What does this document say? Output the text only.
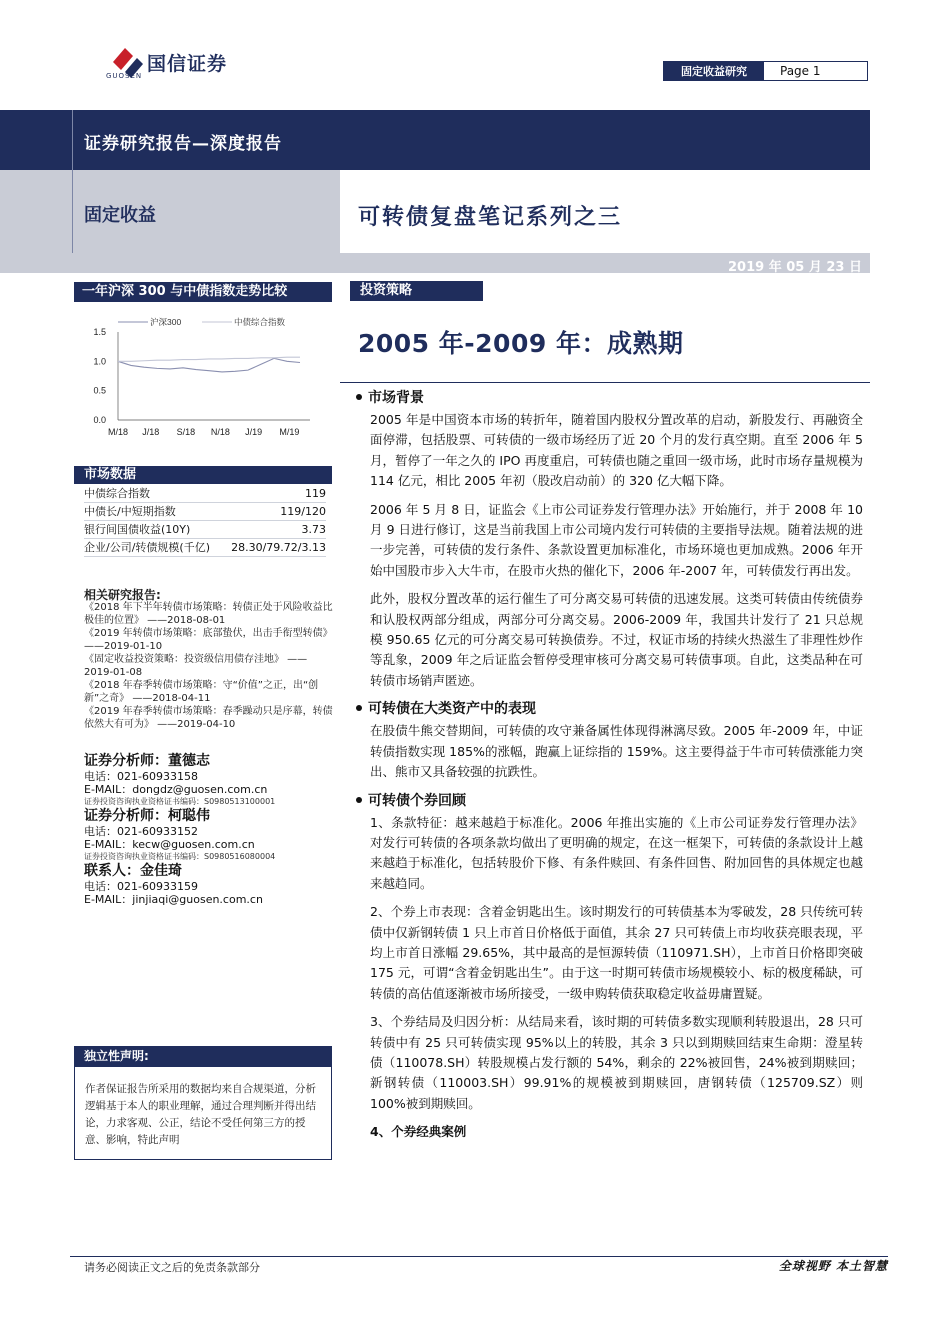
国信证券
GUOSEN	固定收益研究	Page 1
证券研究报告—深度报告
固定收益	可转债复盘笔记系列之三
2019 年 05 月 23 日
一年沪深 300 与中债指数走势比较
1.5
1.0
0.5
0.0
M/18 J/18 S/18 N/18 J/19 M/19
沪深300	中债综合指数
市场数据
中债综合指数	119
中债长/中短期指数	119/120
银行间国债收益(10Y)	3.73
企业/公司/转债规模(千亿) 28.30/79.72/3.13
相关研究报告:
《2018 年下半年转债市场策略：转债正处于风险收益比极佳的位置》 ——2018-08-01
《2019 年转债市场策略：底部蛰伏，出击手衔型转债》 ——2019-01-10
《固定收益投资策略：投资级信用债存洼地》 ——2019-01-08
《2018 年春季转债市场策略：守“价值”之正，出“创新”之奇》 ——2018-04-11
《2019 年春季转债市场策略：春季躁动只是序幕，转债依然大有可为》 ——2019-04-10
证券分析师：董德志
电话：021-60933158
E-MAIL：dongdz@guosen.com.cn
证券投资咨询执业资格证书编码：S0980513100001
证券分析师：柯聪伟
电话：021-60933152
E-MAIL：kecw@guosen.com.cn
证券投资咨询执业资格证书编码：S0980516080004
联系人：金佳琦
电话：021-60933159
E-MAIL：jinjiaqi@guosen.com.cn
独立性声明:
作者保证报告所采用的数据均来自合规渠道，分析逻辑基于本人的职业理解，通过合理判断并得出结论，力求客观、公正，结论不受任何第三方的授意、影响，特此声明
投资策略
2005 年-2009 年：成熟期
市场背景

2005 年是中国资本市场的转折年，随着国内股权分置改革的启动，新股发行、再融资全面停滞，包括股票、可转债的一级市场经历了近 20 个月的发行真空期。直至 2006 年 5 月，暂停了一年之久的 IPO 再度重启，可转债也随之重回一级市场，此时市场存量规模为 114 亿元，相比 2005 年初（股改启动前）的 320 亿大幅下降。

2006 年 5 月 8 日，证监会《上市公司证券发行管理办法》开始施行，并于 2008 年 10 月 9 日进行修订，这是当前我国上市公司境内发行可转债的主要指导法规。随着法规的进一步完善，可转债的发行条件、条款设置更加标准化，市场环境也更加成熟。2006 年开始中国股市步入大牛市，在股市火热的催化下，2006 年-2007 年，可转债发行再出发。

此外，股权分置改革的运行催生了可分离交易可转债的迅速发展。这类可转债由传统债券和认股权两部分组成，两部分可分离交易。2006-2009 年，我国共计发行了 21 只总规模 950.65 亿元的可分离交易可转换债券。不过，权证市场的持续火热滋生了非理性炒作等乱象，2009 年之后证监会暂停受理审核可分离交易可转债事项。自此，这类品种在可转债市场销声匿迹。

可转债在大类资产中的表现

在股债牛熊交替期间，可转债的攻守兼备属性体现得淋漓尽致。2005 年-2009 年，中证转债指数实现 185%的涨幅，跑赢上证综指的 159%。这主要得益于牛市可转债涨能力突出、熊市又具备较强的抗跌性。

可转债个券回顾

1、条款特征：越来越趋于标准化。2006 年推出实施的《上市公司证券发行管理办法》对发行可转债的各项条款均做出了更明确的规定，在这一框架下，可转债的条款设计上越来越趋于标准化，包括转股价下修、有条件赎回、有条件回售、附加回售的具体规定也越来越趋同。

2、个券上市表现：含着金钥匙出生。该时期发行的可转债基本为零破发，28 只传统可转债中仅新钢转债 1 只上市首日价格低于面值，其余 27 只可转债上市均收获亮眼表现，平均上市首日涨幅 29.65%，其中最高的是恒源转债（110971.SH），上市首日价格即突破 175 元，可谓“含着金钥匙出生”。由于这一时期可转债市场规模较小、标的极度稀缺，可转债的高估值逐渐被市场所接受，一级申购转债获取稳定收益毋庸置疑。

3、个券结局及归因分析：从结局来看，该时期的可转债多数实现顺利转股退出，28 只可转债中有 25 只可转债实现 95%以上的转股，其余 3 只以到期赎回结束生命期：澄星转债（110078.SH）转股规模占发行额的 54%，剩余的 22%被回售，24%被到期赎回；新钢转债（110003.SH）99.91%的规模被到期赎回，唐钢转债（125709.SZ）则 100%被到期赎回。

4、个券经典案例

请务必阅读正文之后的免责条款部分	全球视野 本土智慧
